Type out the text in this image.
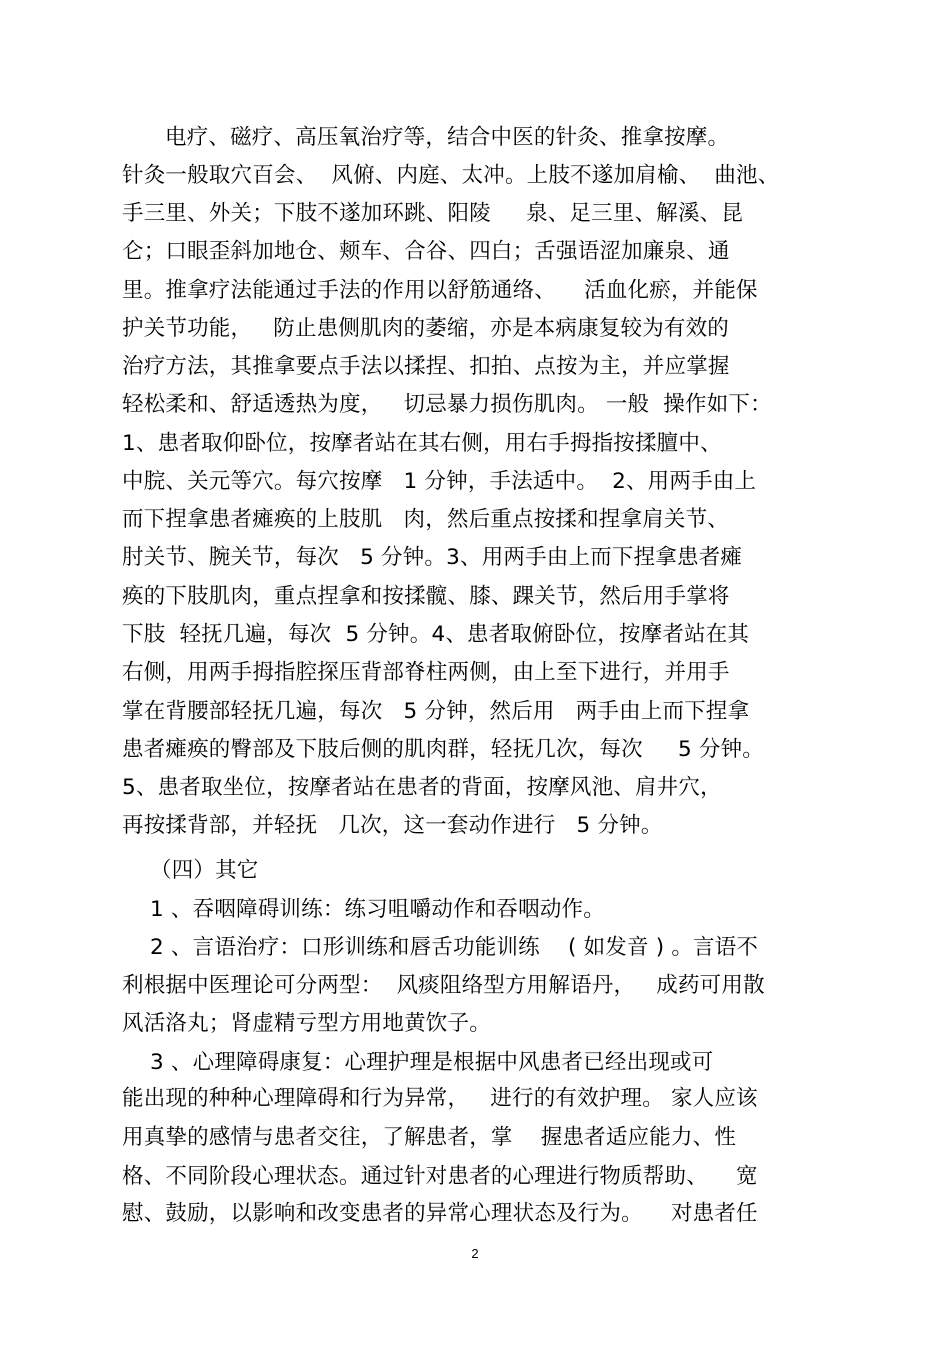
电疗、磁疗、高压氧治疗等，结合中医的针灸、推拿按摩。
针灸一般取穴百会、  风俯、内庭、太冲。上肢不遂加肩榆、  曲池、
手三里、外关；下肢不遂加环跳、阳陵     泉、足三里、解溪、昆
仑；口眼歪斜加地仓、颊车、合谷、四白；舌强语涩加廉泉、通
里。推拿疗法能通过手法的作用以舒筋通络、    活血化瘀，并能保
护关节功能，   防止患侧肌肉的萎缩，亦是本病康复较为有效的
治疗方法，其推拿要点手法以揉捏、扣拍、点按为主，并应掌握
轻松柔和、舒适透热为度，   切忌暴力损伤肌肉。 一般  操作如下：
1、患者取仰卧位，按摩者站在其右侧，用右手拇指按揉膻中、
中脘、关元等穴。每穴按摩   1 分钟，手法适中。  2、用两手由上
而下捏拿患者瘫痪的上肢肌   肉，然后重点按揉和捏拿肩关节、
肘关节、腕关节，每次   5 分钟。3、用两手由上而下捏拿患者瘫
痪的下肢肌肉，重点捏拿和按揉髋、膝、踝关节，然后用手掌将
下肢  轻抚几遍，每次  5 分钟。4、患者取俯卧位，按摩者站在其
右侧，用两手拇指腔探压背部脊柱两侧，由上至下进行，并用手
掌在背腰部轻抚几遍，每次   5 分钟，然后用   两手由上而下捏拿
患者瘫痪的臀部及下肢后侧的肌肉群，轻抚几次，每次     5 分钟。
5、患者取坐位，按摩者站在患者的背面，按摩风池、肩井穴，
再按揉背部，并轻抚   几次，这一套动作进行   5 分钟。
（四）其它
1 、吞咽障碍训练：练习咀嚼动作和吞咽动作。
2 、言语治疗：口形训练和唇舌功能训练    ( 如发音 ) 。言语不
利根据中医理论可分两型：  风痰阻络型方用解语丹，   成药可用散
风活洛丸；肾虚精亏型方用地黄饮子。
3 、心理障碍康复：心理护理是根据中风患者已经出现或可
能出现的种种心理障碍和行为异常，   进行的有效护理。 家人应该
用真挚的感情与患者交往，了解患者，掌    握患者适应能力、性
格、不同阶段心理状态。通过针对患者的心理进行物质帮助、    宽
慰、鼓励，以影响和改变患者的异常心理状态及行为。    对患者任
2
